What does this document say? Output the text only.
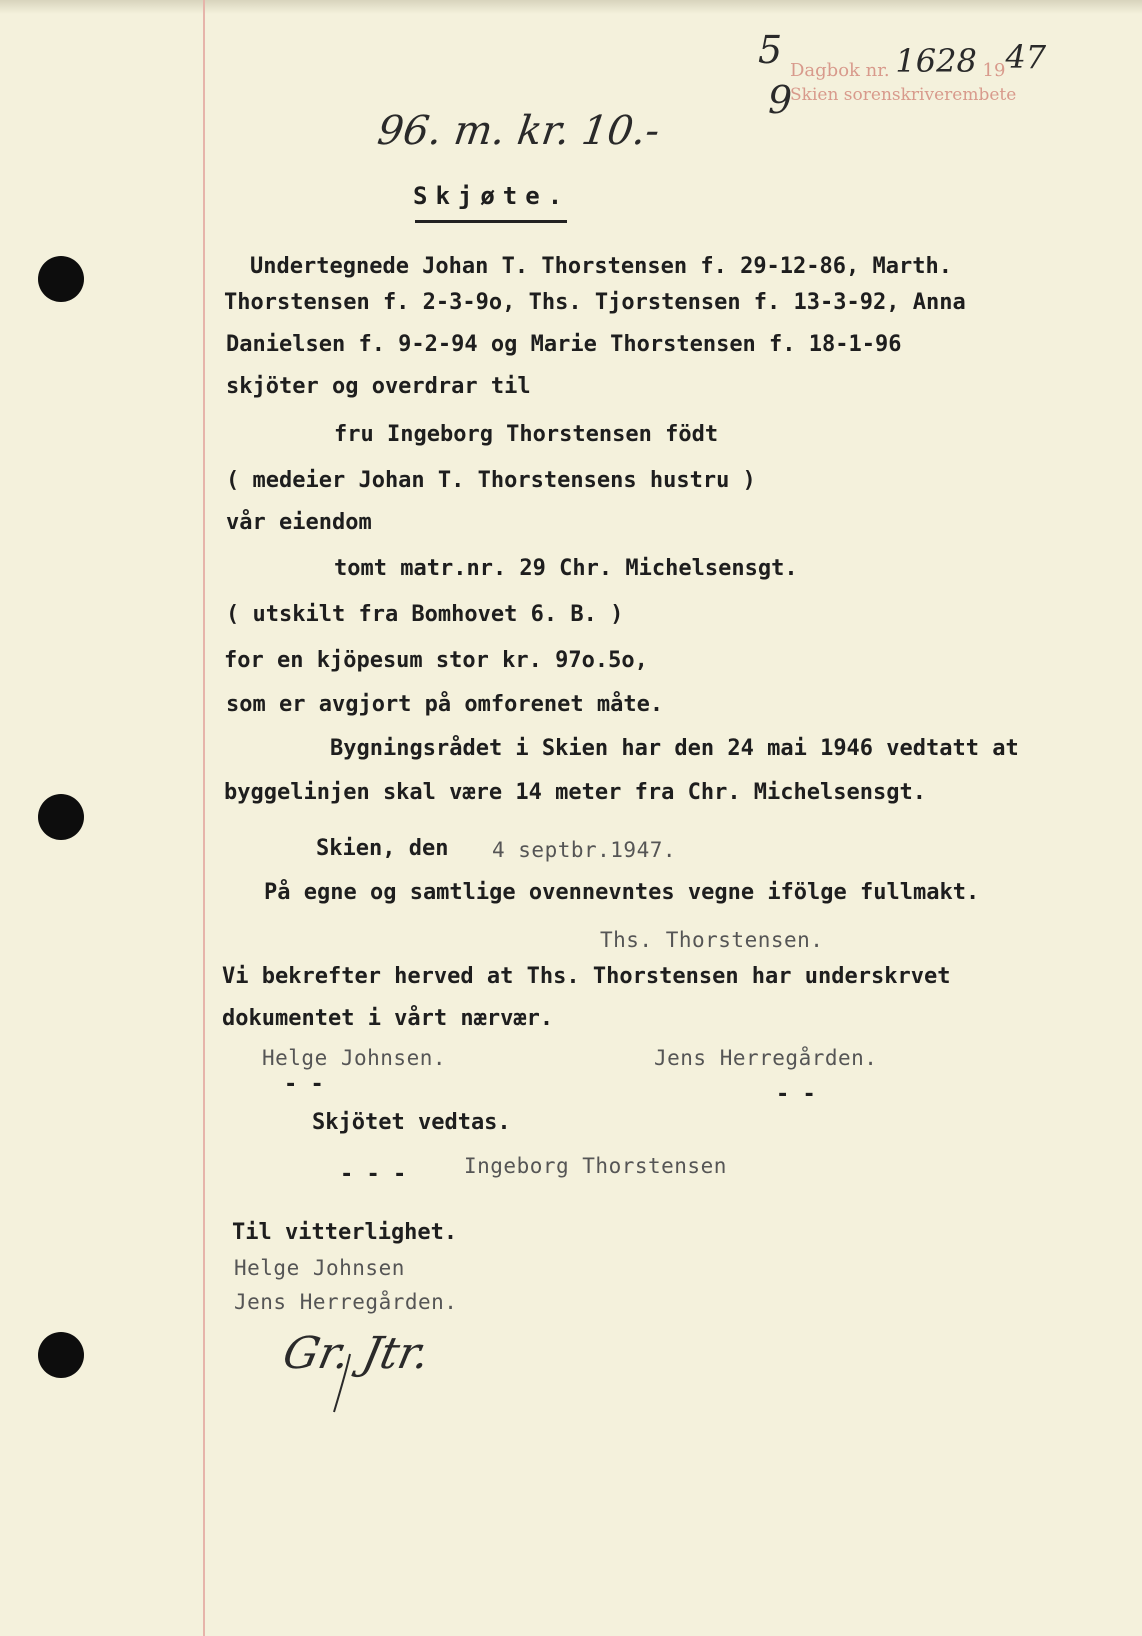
Dagbok nr. 1628 1947
Skien sorenskriverembete
5
9
96. m. kr. 10.-
Skjøte.
Undertegnede Johan T. Thorstensen f. 29-12-86, Marth.
Thorstensen f. 2-3-9o, Ths. Tjorstensen f. 13-3-92, Anna
Danielsen f. 9-2-94 og Marie Thorstensen f. 18-1-96
skjöter og overdrar til
fru Ingeborg Thorstensen födt
( medeier Johan T. Thorstensens hustru )
vår eiendom
tomt matr.nr. 29 Chr. Michelsensgt.
( utskilt fra Bomhovet 6. B. )
for en kjöpesum stor kr. 97o.5o,
som er avgjort på omforenet måte.
Bygningsrådet i Skien har den 24 mai 1946 vedtatt at
byggelinjen skal være 14 meter fra Chr. Michelsensgt.
Skien, den 4 septbr.1947.
På egne og samtlige ovennevntes vegne ifölge fullmakt.
Ths. Thorstensen.
Vi bekrefter herved at Ths. Thorstensen har underskrvet
dokumentet i vårt nærvær.
Helge Johnsen.	Jens Herregården.
- -	- -
Skjötet vedtas.
- - -	Ingeborg Thorstensen
Til vitterlighet.
Helge Johnsen
Jens Herregården.
Gr. Jtr.
